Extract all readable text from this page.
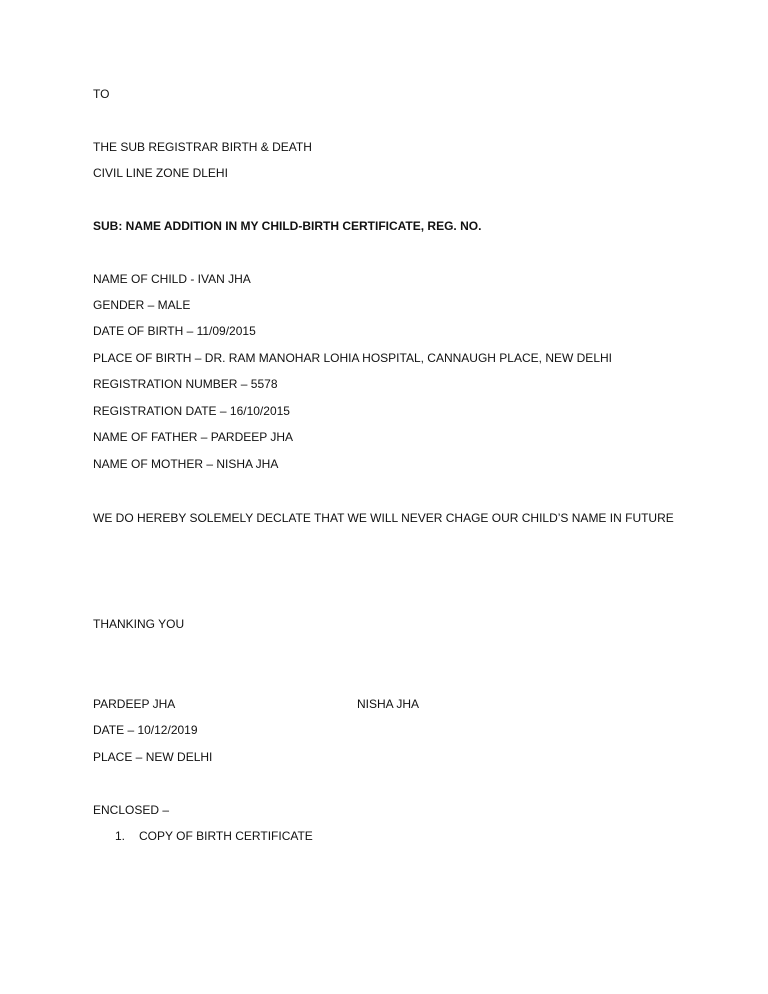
TO
THE SUB REGISTRAR BIRTH & DEATH
CIVIL LINE ZONE DLEHI
SUB: NAME ADDITION IN MY CHILD-BIRTH CERTIFICATE, REG. NO.
NAME OF CHILD - IVAN JHA
GENDER – MALE
DATE OF BIRTH – 11/09/2015
PLACE OF BIRTH – DR. RAM MANOHAR LOHIA HOSPITAL, CANNAUGH PLACE, NEW DELHI
REGISTRATION NUMBER – 5578
REGISTRATION DATE – 16/10/2015
NAME OF FATHER – PARDEEP JHA
NAME OF MOTHER – NISHA JHA
WE DO HEREBY SOLEMELY DECLATE THAT WE WILL NEVER CHAGE OUR CHILD’S NAME IN FUTURE
THANKING YOU
PARDEEP JHA	NISHA JHA
DATE – 10/12/2019
PLACE – NEW DELHI
ENCLOSED –
1. COPY OF BIRTH CERTIFICATE
